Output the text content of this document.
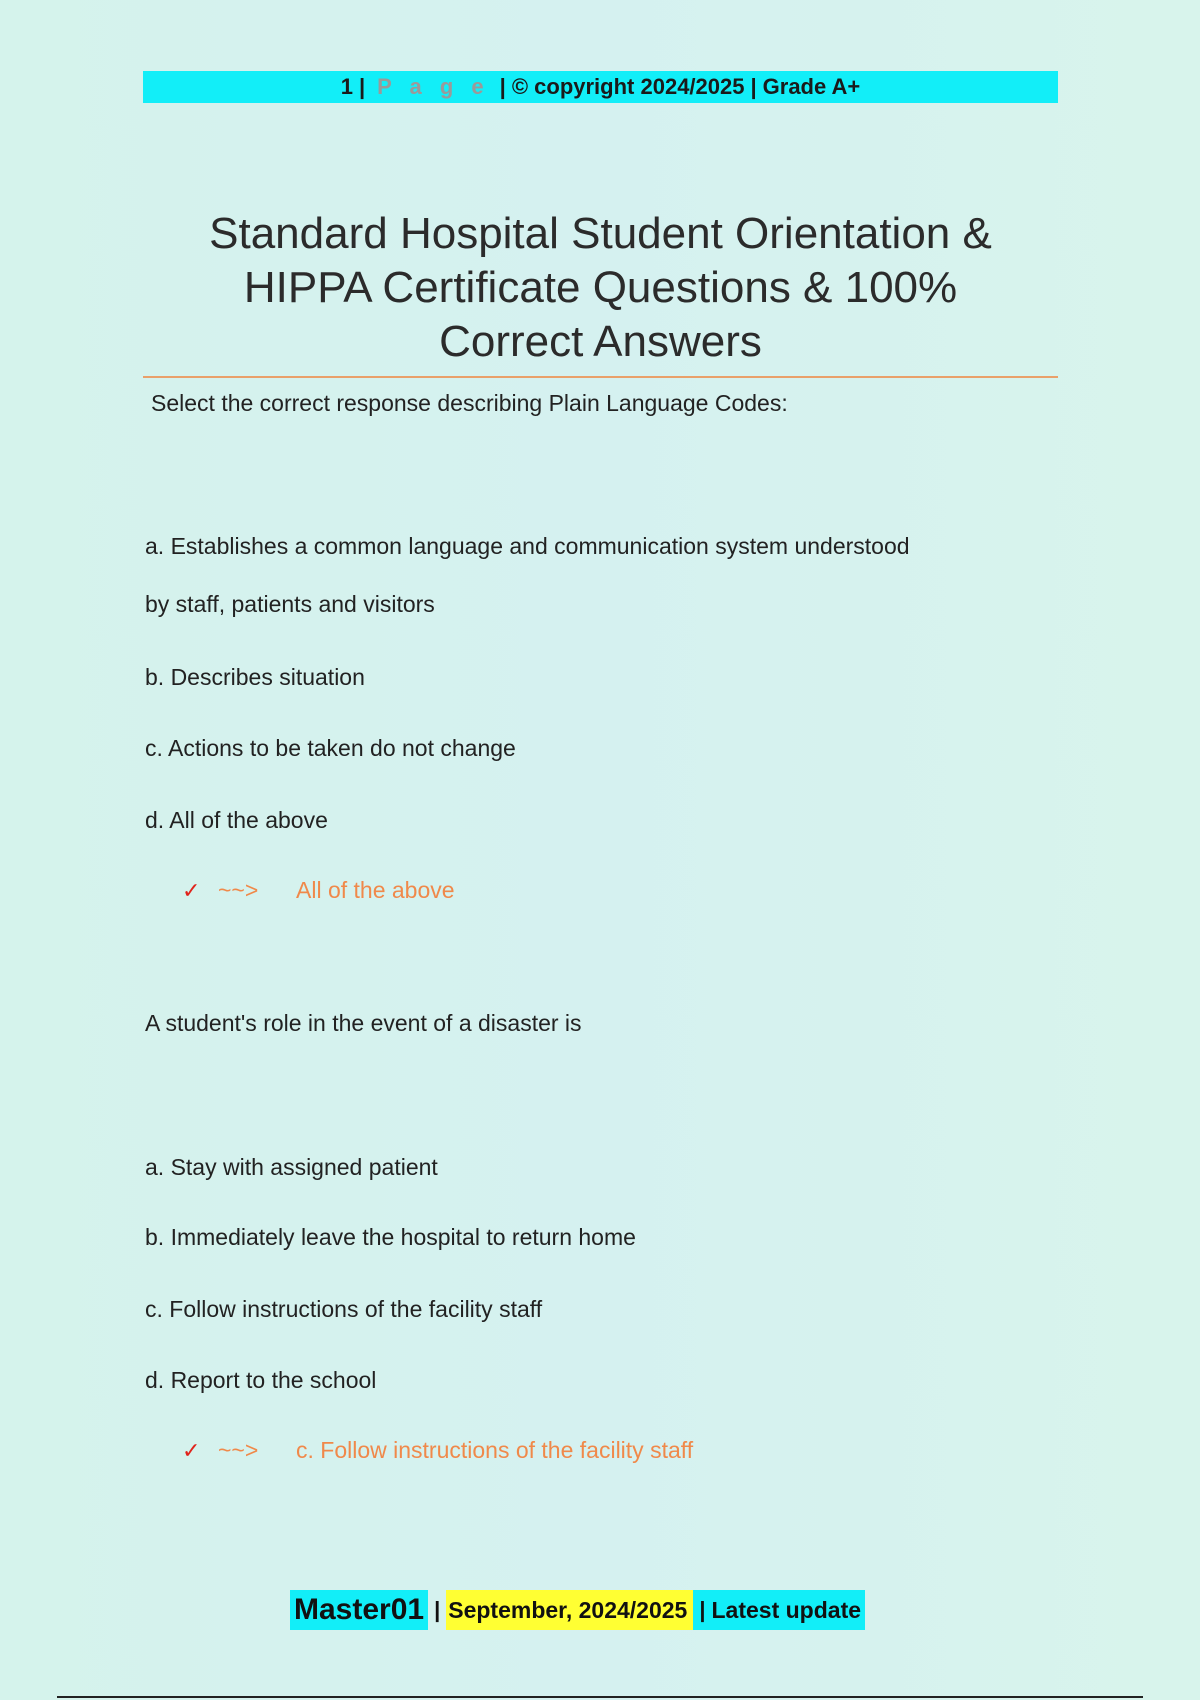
1 | P a g e | © copyright 2024/2025 | Grade A+
Standard Hospital Student Orientation &
HIPPA Certificate Questions & 100%
Correct Answers
Select the correct response describing Plain Language Codes:
a. Establishes a common language and communication system understood
by staff, patients and visitors
b. Describes situation
c. Actions to be taken do not change
d. All of the above
✓ ~~>	All of the above
A student's role in the event of a disaster is
a. Stay with assigned patient
b. Immediately leave the hospital to return home
c. Follow instructions of the facility staff
d. Report to the school
✓ ~~>	c. Follow instructions of the facility staff
Master01 | September, 2024/2025 | Latest update
